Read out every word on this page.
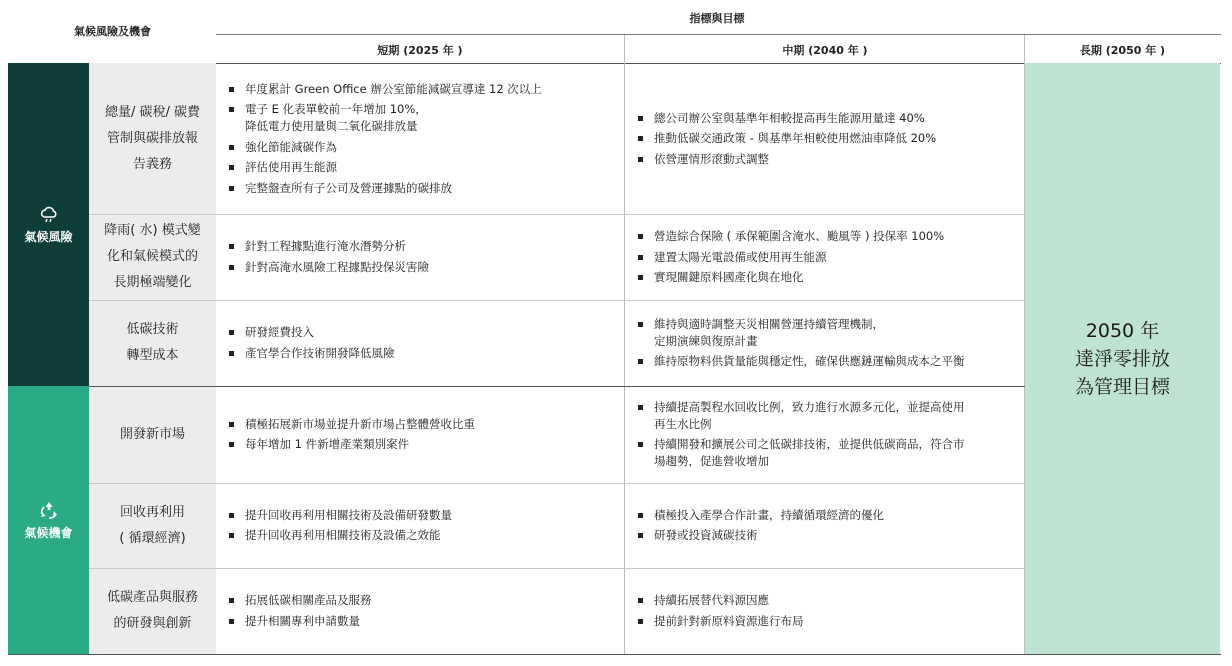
氣候風險及機會
指標與目標
短期 (2025 年 )	中期 (2040 年 )	長期 (2050 年 )
氣候風險
氣候機會
總量/ 碳稅/ 碳費
管制與碳排放報
告義務
年度累計 Green Office 辦公室節能減碳宣導達 12 次以上
電子 E 化表單較前一年增加 10%，
降低電力使用量與二氧化碳排放量
強化節能減碳作為
評估使用再生能源
完整盤查所有子公司及營運據點的碳排放
總公司辦公室與基準年相較提高再生能源用量達 40%
推動低碳交通政策 - 與基準年相較使用燃油車降低 20%
依營運情形滾動式調整
降雨( 水) 模式變
化和氣候模式的
長期極端變化
針對工程據點進行淹水潛勢分析
針對高淹水風險工程據點投保災害險
營造綜合保險 ( 承保範圍含淹水、颱風等 ) 投保率 100%
建置太陽光電設備或使用再生能源
實現關鍵原料國產化與在地化
低碳技術
轉型成本
研發經費投入
產官學合作技術開發降低風險
維持與適時調整天災相關營運持續管理機制，
定期演練與復原計畫
維持原物料供貨量能與穩定性，確保供應鏈運輸與成本之平衡
開發新市場
積極拓展新市場並提升新市場占整體營收比重
每年增加 1 件新增產業類別案件
持續提高製程水回收比例，致力進行水源多元化，並提高使用
再生水比例
持續開發和擴展公司之低碳排技術，並提供低碳商品，符合市
場趨勢，促進營收增加
回收再利用
( 循環經濟)
提升回收再利用相關技術及設備研發數量
提升回收再利用相關技術及設備之效能
積極投入產學合作計畫，持續循環經濟的優化
研發或投資減碳技術
低碳產品與服務
的研發與創新
拓展低碳相關產品及服務
提升相關專利申請數量
持續拓展替代料源因應
提前針對新原料資源進行布局
2050 年
達淨零排放
為管理目標
